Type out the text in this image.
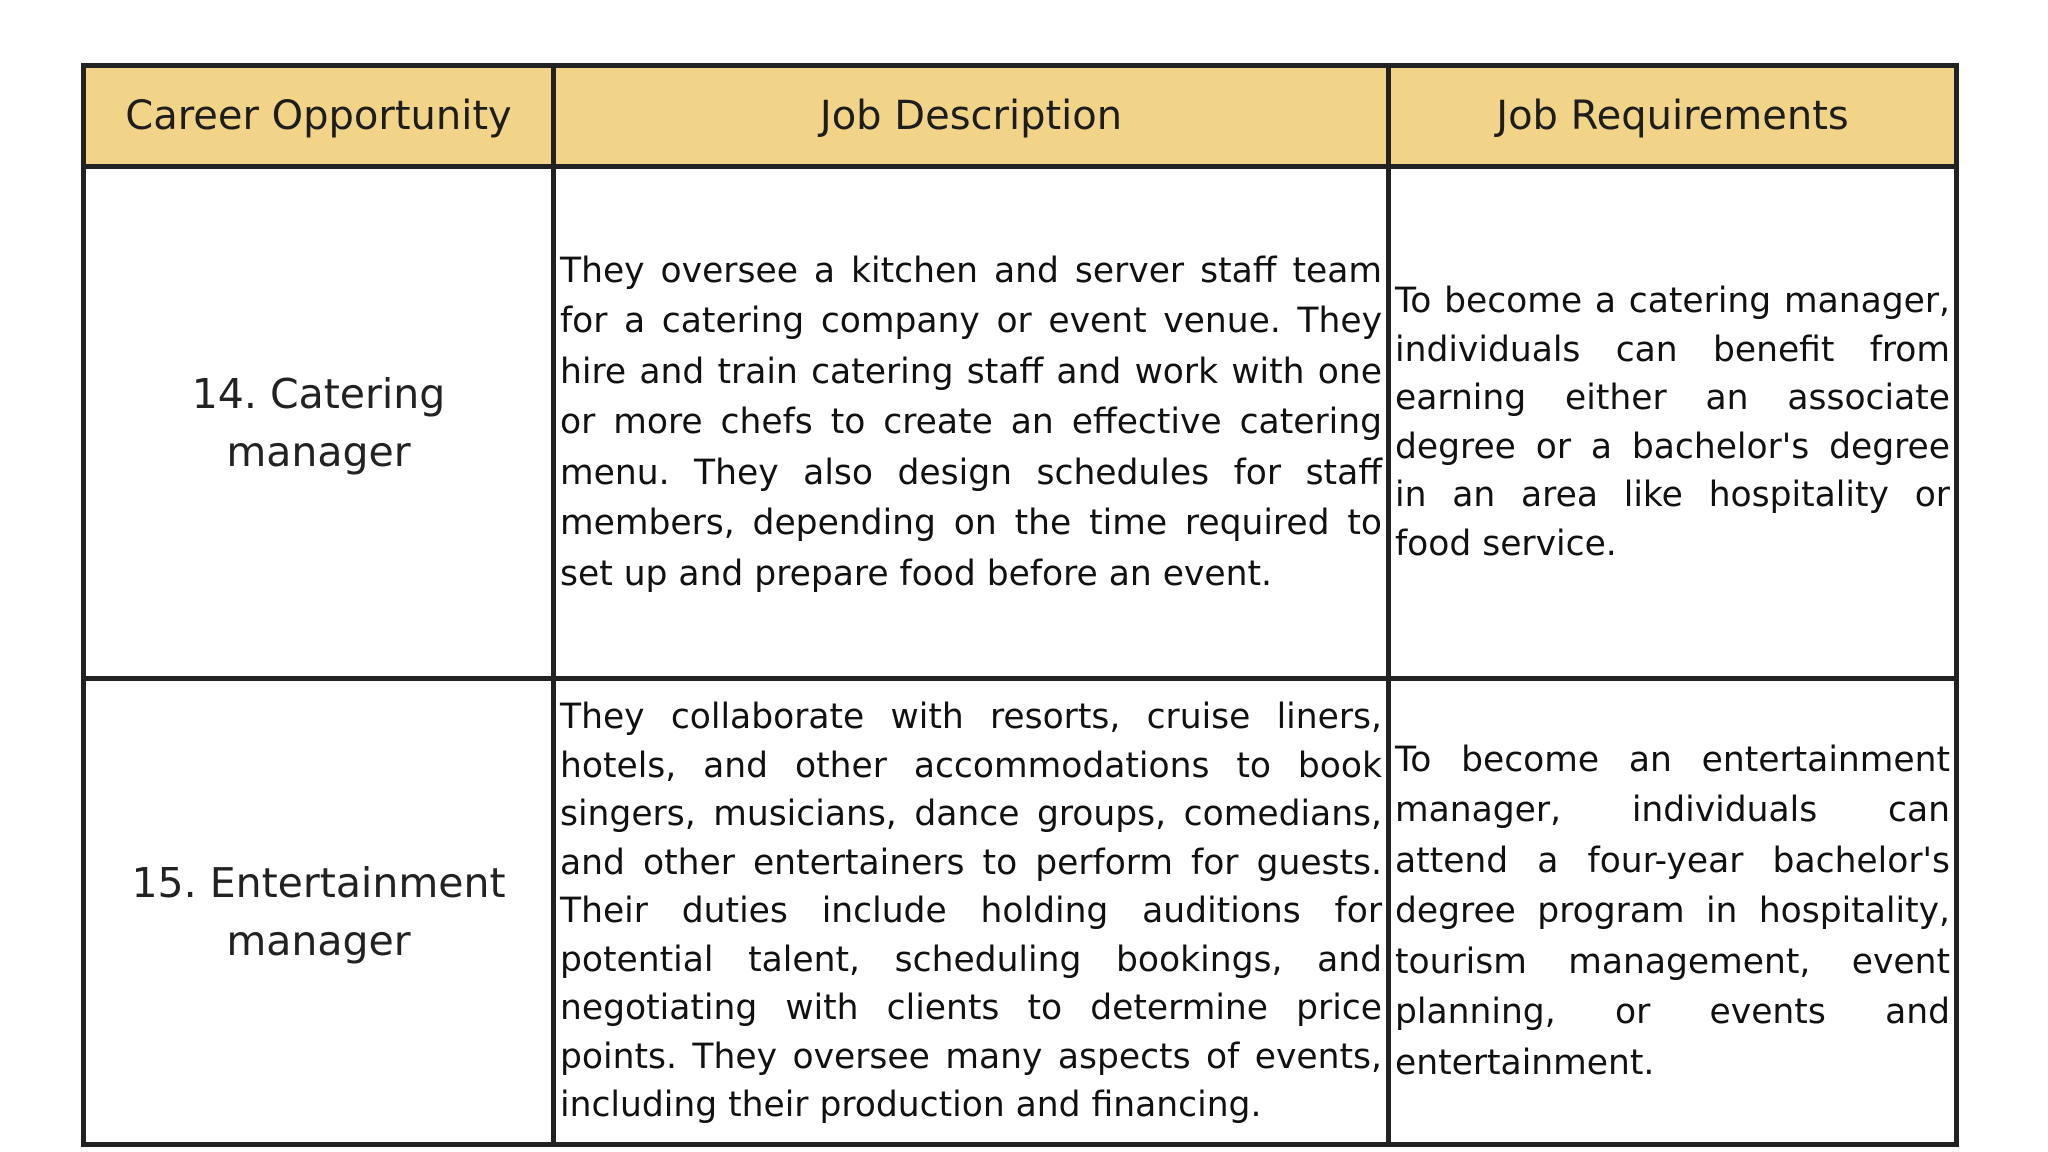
Career Opportunity	Job Description	Job Requirements
14. Catering manager	They oversee a kitchen and server staff team for a catering company or event venue. They hire and train catering staff and work with one or more chefs to create an effective catering menu. They also design schedules for staff members, depending on the time required to set up and prepare food before an event.	To become a catering manager, individuals can benefit from earning either an associate degree or a bachelor's degree in an area like hospitality or food service.
15. Entertainment manager	They collaborate with resorts, cruise liners, hotels, and other accommodations to book singers, musicians, dance groups, comedians, and other entertainers to perform for guests. Their duties include holding auditions for potential talent, scheduling bookings, and negotiating with clients to determine price points. They oversee many aspects of events, including their production and financing.	To become an entertainment manager, individuals can attend a four-year bachelor's degree program in hospitality, tourism management, event planning, or events and entertainment.
